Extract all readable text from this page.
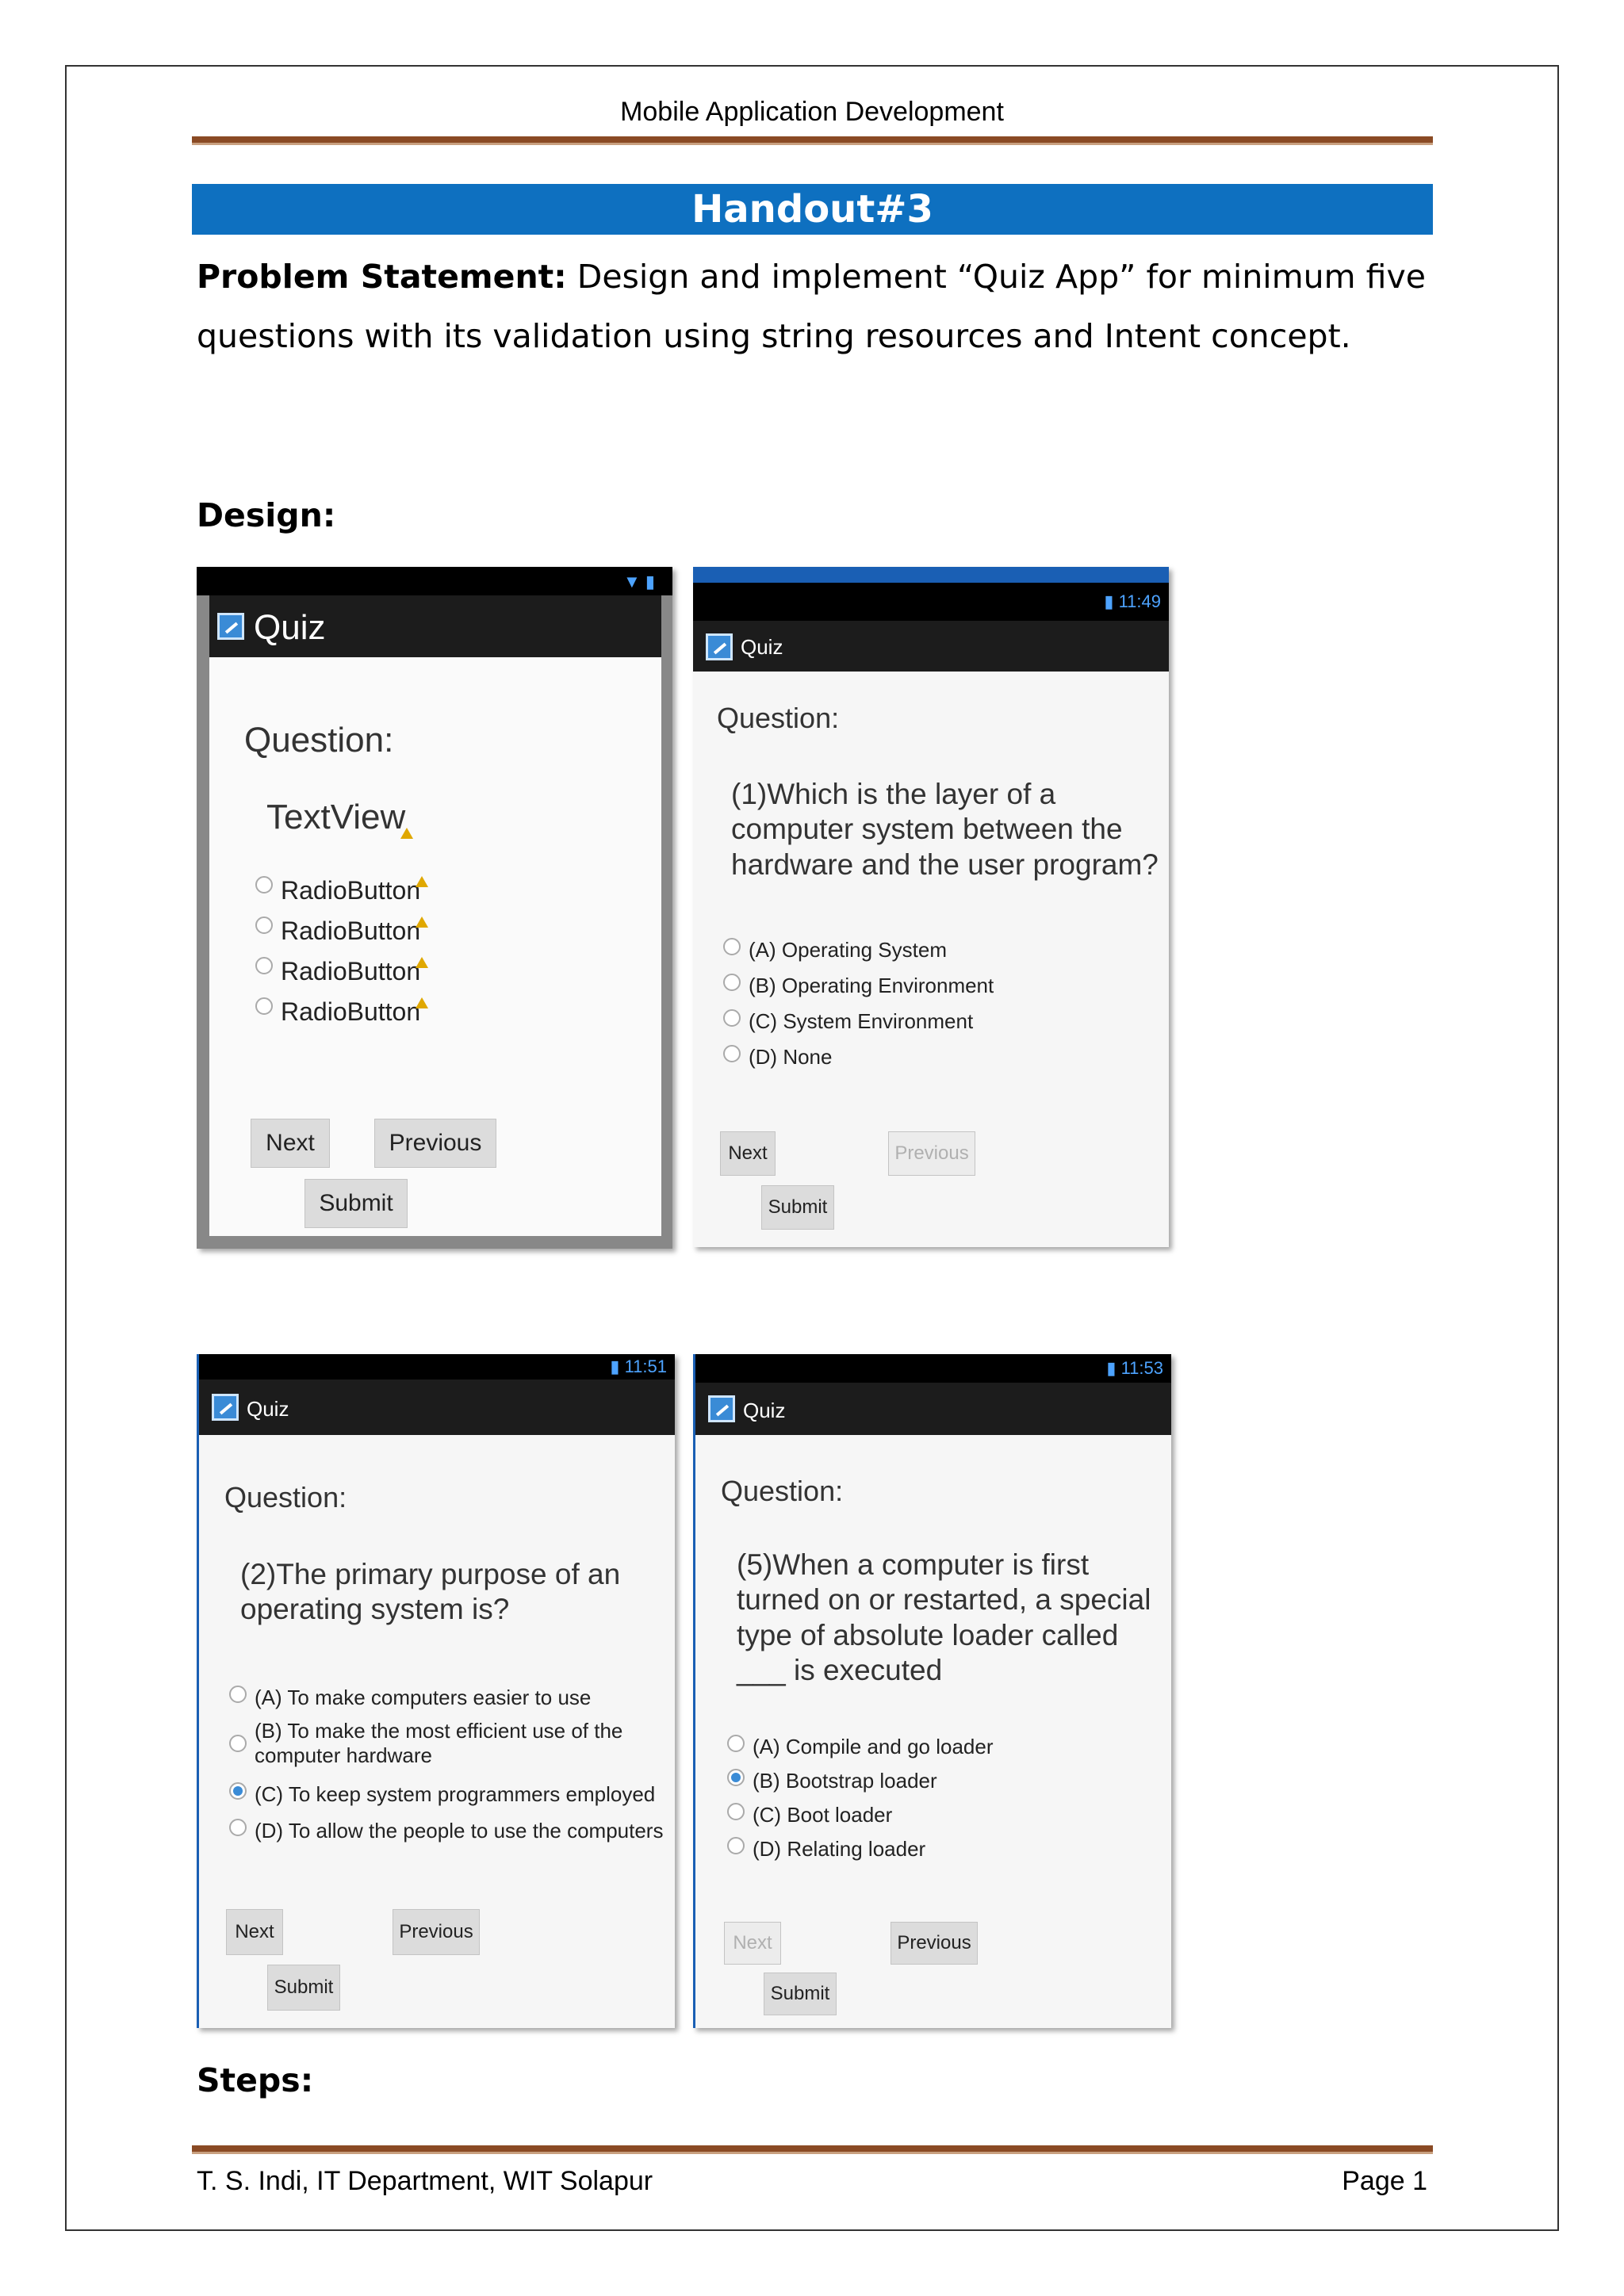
Mobile Application Development
Handout#3
Problem Statement: Design and implement “Quiz App” for minimum five questions with its validation using string resources and Intent concept.
Design:
▼ ▮
Quiz
Question:
TextView
RadioButton
RadioButton
RadioButton
RadioButton
Next	Previous
Submit
▮ 11:49
Quiz
Question:
(1)Which is the layer of a computer system between the hardware and the user program?
(A) Operating System
(B) Operating Environment
(C) System Environment
(D) None
Next	Previous
Submit
▮ 11:51
Quiz
Question:
(2)The primary purpose of an operating system is?
(A) To make computers easier to use
(B) To make the most efficient use of the computer hardware
(C) To keep system programmers employed
(D) To allow the people to use the computers
Next	Previous
Submit
▮ 11:53
Quiz
Question:
(5)When a computer is first turned on or restarted, a special type of absolute loader called ___ is executed
(A) Compile and go loader
(B) Bootstrap loader
(C) Boot loader
(D) Relating loader
Next	Previous
Submit
Steps:
T. S. Indi, IT Department, WIT Solapur	Page 1
